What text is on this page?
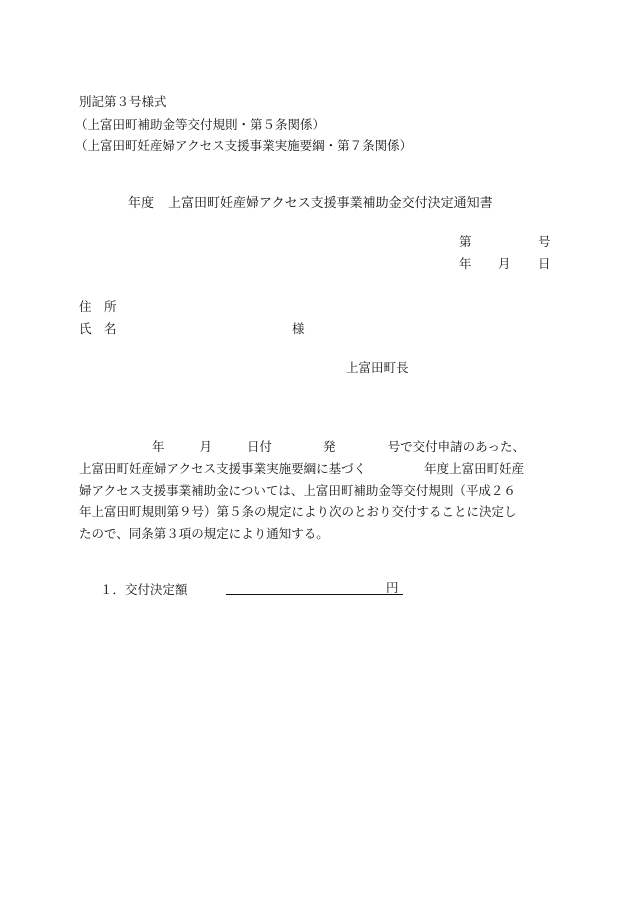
別記第３号様式
（上富田町補助金等交付規則・第５条関係）
（上富田町妊産婦アクセス支援事業実施要綱・第７条関係）
年度 上富田町妊産婦アクセス支援事業補助金交付決定通知書
第	号
年 月 日
住　所
氏　名	様
上富田町長
年	月	日付	発	号で交付申請のあった、
上富田町妊産婦アクセス支援事業実施要綱に基づく	年度上富田町妊産
婦アクセス支援事業補助金については、上富田町補助金等交付規則（平成２６
年上富田町規則第９号）第５条の規定により次のとおり交付することに決定し
たので、同条第３項の規定により通知する。
１．交付決定額	円
